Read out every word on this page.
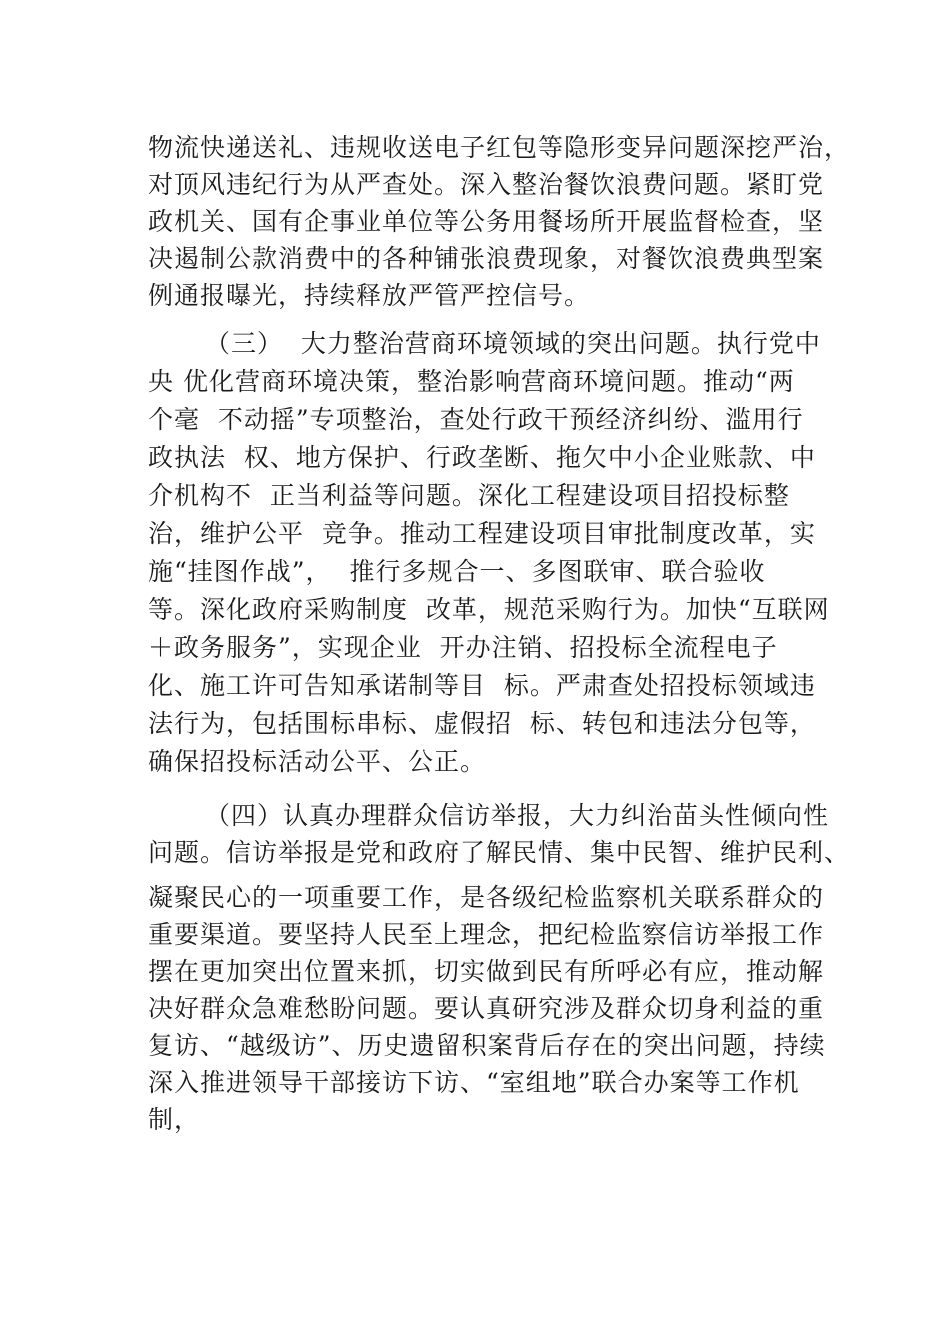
物流快递送礼、违规收送电子红包等隐形变异问题深挖严治，
对顶风违纪行为从严查处。深入整治餐饮浪费问题。紧盯党
政机关、国有企事业单位等公务用餐场所开展监督检查，坚
决遏制公款消费中的各种铺张浪费现象，对餐饮浪费典型案
例通报曝光，持续释放严管严控信号。
（三）  大力整治营商环境领域的突出问题。执行党中
央 优化营商环境决策，整治影响营商环境问题。推动“两
个毫  不动摇”专项整治，查处行政干预经济纠纷、滥用行
政执法  权、地方保护、行政垄断、拖欠中小企业账款、中
介机构不  正当利益等问题。深化工程建设项目招投标整
治，维护公平  竞争。推动工程建设项目审批制度改革，实
施“挂图作战”，  推行多规合一、多图联审、联合验收
等。深化政府采购制度  改革，规范采购行为。加快“互联网
＋政务服务”，实现企业  开办注销、招投标全流程电子
化、施工许可告知承诺制等目  标。严肃查处招投标领域违
法行为，包括围标串标、虚假招  标、转包和违法分包等，
确保招投标活动公平、公正。
（四）认真办理群众信访举报，大力纠治苗头性倾向性
问题。信访举报是党和政府了解民情、集中民智、维护民利、
凝聚民心的一项重要工作，是各级纪检监察机关联系群众的
重要渠道。要坚持人民至上理念，把纪检监察信访举报工作
摆在更加突出位置来抓，切实做到民有所呼必有应，推动解
决好群众急难愁盼问题。要认真研究涉及群众切身利益的重
复访、“越级访”、历史遗留积案背后存在的突出问题，持续
深入推进领导干部接访下访、“室组地”联合办案等工作机
制，
